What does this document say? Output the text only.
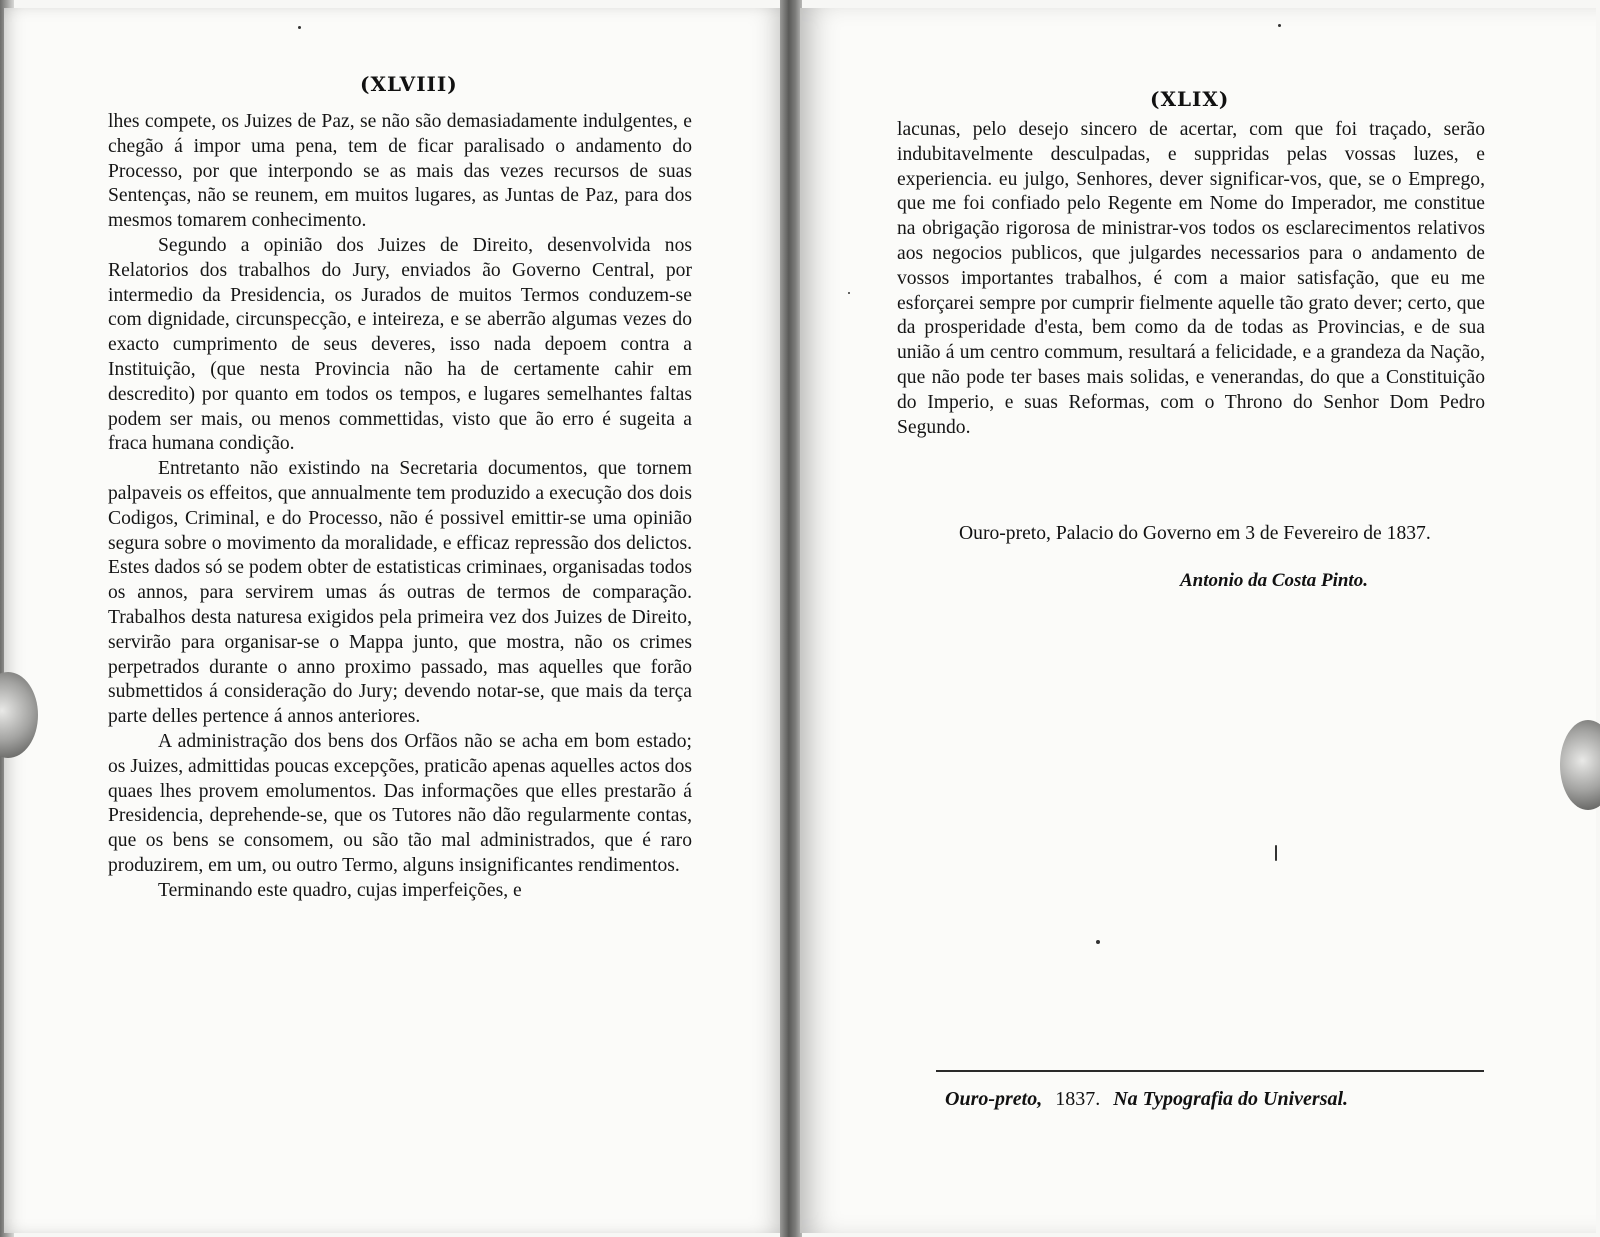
(XLVIII)

lhes compete, os Juizes de Paz, se não são demasiadamente indulgentes, e chegão á impor uma pena, tem de ficar paralisado o andamento do Processo, por que interpondo se as mais das vezes recursos de suas Sentenças, não se reunem, em muitos lugares, as Juntas de Paz, para dos mesmos tomarem conhecimento.

Segundo a opinião dos Juizes de Direito, desenvolvida nos Relatorios dos trabalhos do Jury, enviados ão Governo Central, por intermedio da Presidencia, os Jurados de muitos Termos conduzem-se com dignidade, circunspecção, e inteireza, e se aberrão algumas vezes do exacto cumprimento de seus deveres, isso nada depoem contra a Instituição, (que nesta Provincia não ha de certamente cahir em descredito) por quanto em todos os tempos, e lugares semelhantes faltas podem ser mais, ou menos commettidas, visto que ão erro é sugeita a fraca humana condição.

Entretanto não existindo na Secretaria documentos, que tornem palpaveis os effeitos, que annualmente tem produzido a execução dos dois Codigos, Criminal, e do Processo, não é possivel emittir-se uma opinião segura sobre o movimento da moralidade, e efficaz repressão dos delictos. Estes dados só se podem obter de estatisticas criminaes, organisadas todos os annos, para servirem umas ás outras de termos de comparação. Trabalhos desta naturesa exigidos pela primeira vez dos Juizes de Direito, servirão para organisar-se o Mappa junto, que mostra, não os crimes perpetrados durante o anno proximo passado, mas aquelles que forão submettidos á consideração do Jury; devendo notar-se, que mais da terça parte delles pertence á annos anteriores.

A administração dos bens dos Orfãos não se acha em bom estado; os Juizes, admittidas poucas excepções, praticão apenas aquelles actos dos quaes lhes provem emolumentos. Das informações que elles prestarão á Presidencia, deprehende-se, que os Tutores não dão regularmente contas, que os bens se consomem, ou são tão mal administrados, que é raro produzirem, em um, ou outro Termo, alguns insignificantes rendimentos.

Terminando este quadro, cujas imperfeições, e

(XLIX)

lacunas, pelo desejo sincero de acertar, com que foi traçado, serão indubitavelmente desculpadas, e suppridas pelas vossas luzes, e experiencia. eu julgo, Senhores, dever significar-vos, que, se o Emprego, que me foi confiado pelo Regente em Nome do Imperador, me constitue na obrigação rigorosa de ministrar-vos todos os esclarecimentos relativos aos negocios publicos, que julgardes necessarios para o andamento de vossos importantes trabalhos, é com a maior satisfação, que eu me esforçarei sempre por cumprir fielmente aquelle tão grato dever; certo, que da prosperidade d'esta, bem como da de todas as Provincias, e de sua união á um centro commum, resultará a felicidade, e a grandeza da Nação, que não pode ter bases mais solidas, e venerandas, do que a Constituição do Imperio, e suas Reformas, com o Throno do Senhor Dom Pedro Segundo.

Ouro-preto, Palacio do Governo em 3 de Fevereiro de 1837.
Antonio da Costa Pinto.
Ouro-preto, 1837. Na Typografia do Universal.
